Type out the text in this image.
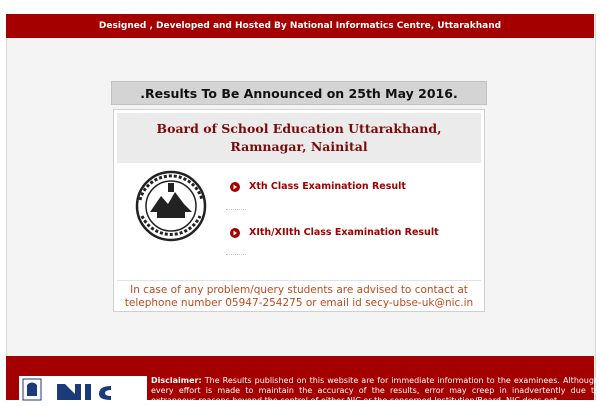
Designed , Developed and Hosted By National Informatics Centre, Uttarakhand
.Results To Be Announced on 25th May 2016.
Board of School Education Uttarakhand,
Ramnagar, Nainital
Xth Class Examination Result
XIth/XIIth Class Examination Result
In case of any problem/query students are advised to contact at
telephone number 05947-254275 or email id secy-ubse-uk@nic.in
Disclaimer: The Results published on this website are for immediate information to the examinees. Although every effort is made to maintain the accuracy of the results, error may creep in inadvertently due to extraneous reasons beyond the control of either NIC or the concerned Institution/Board. NIC does not
